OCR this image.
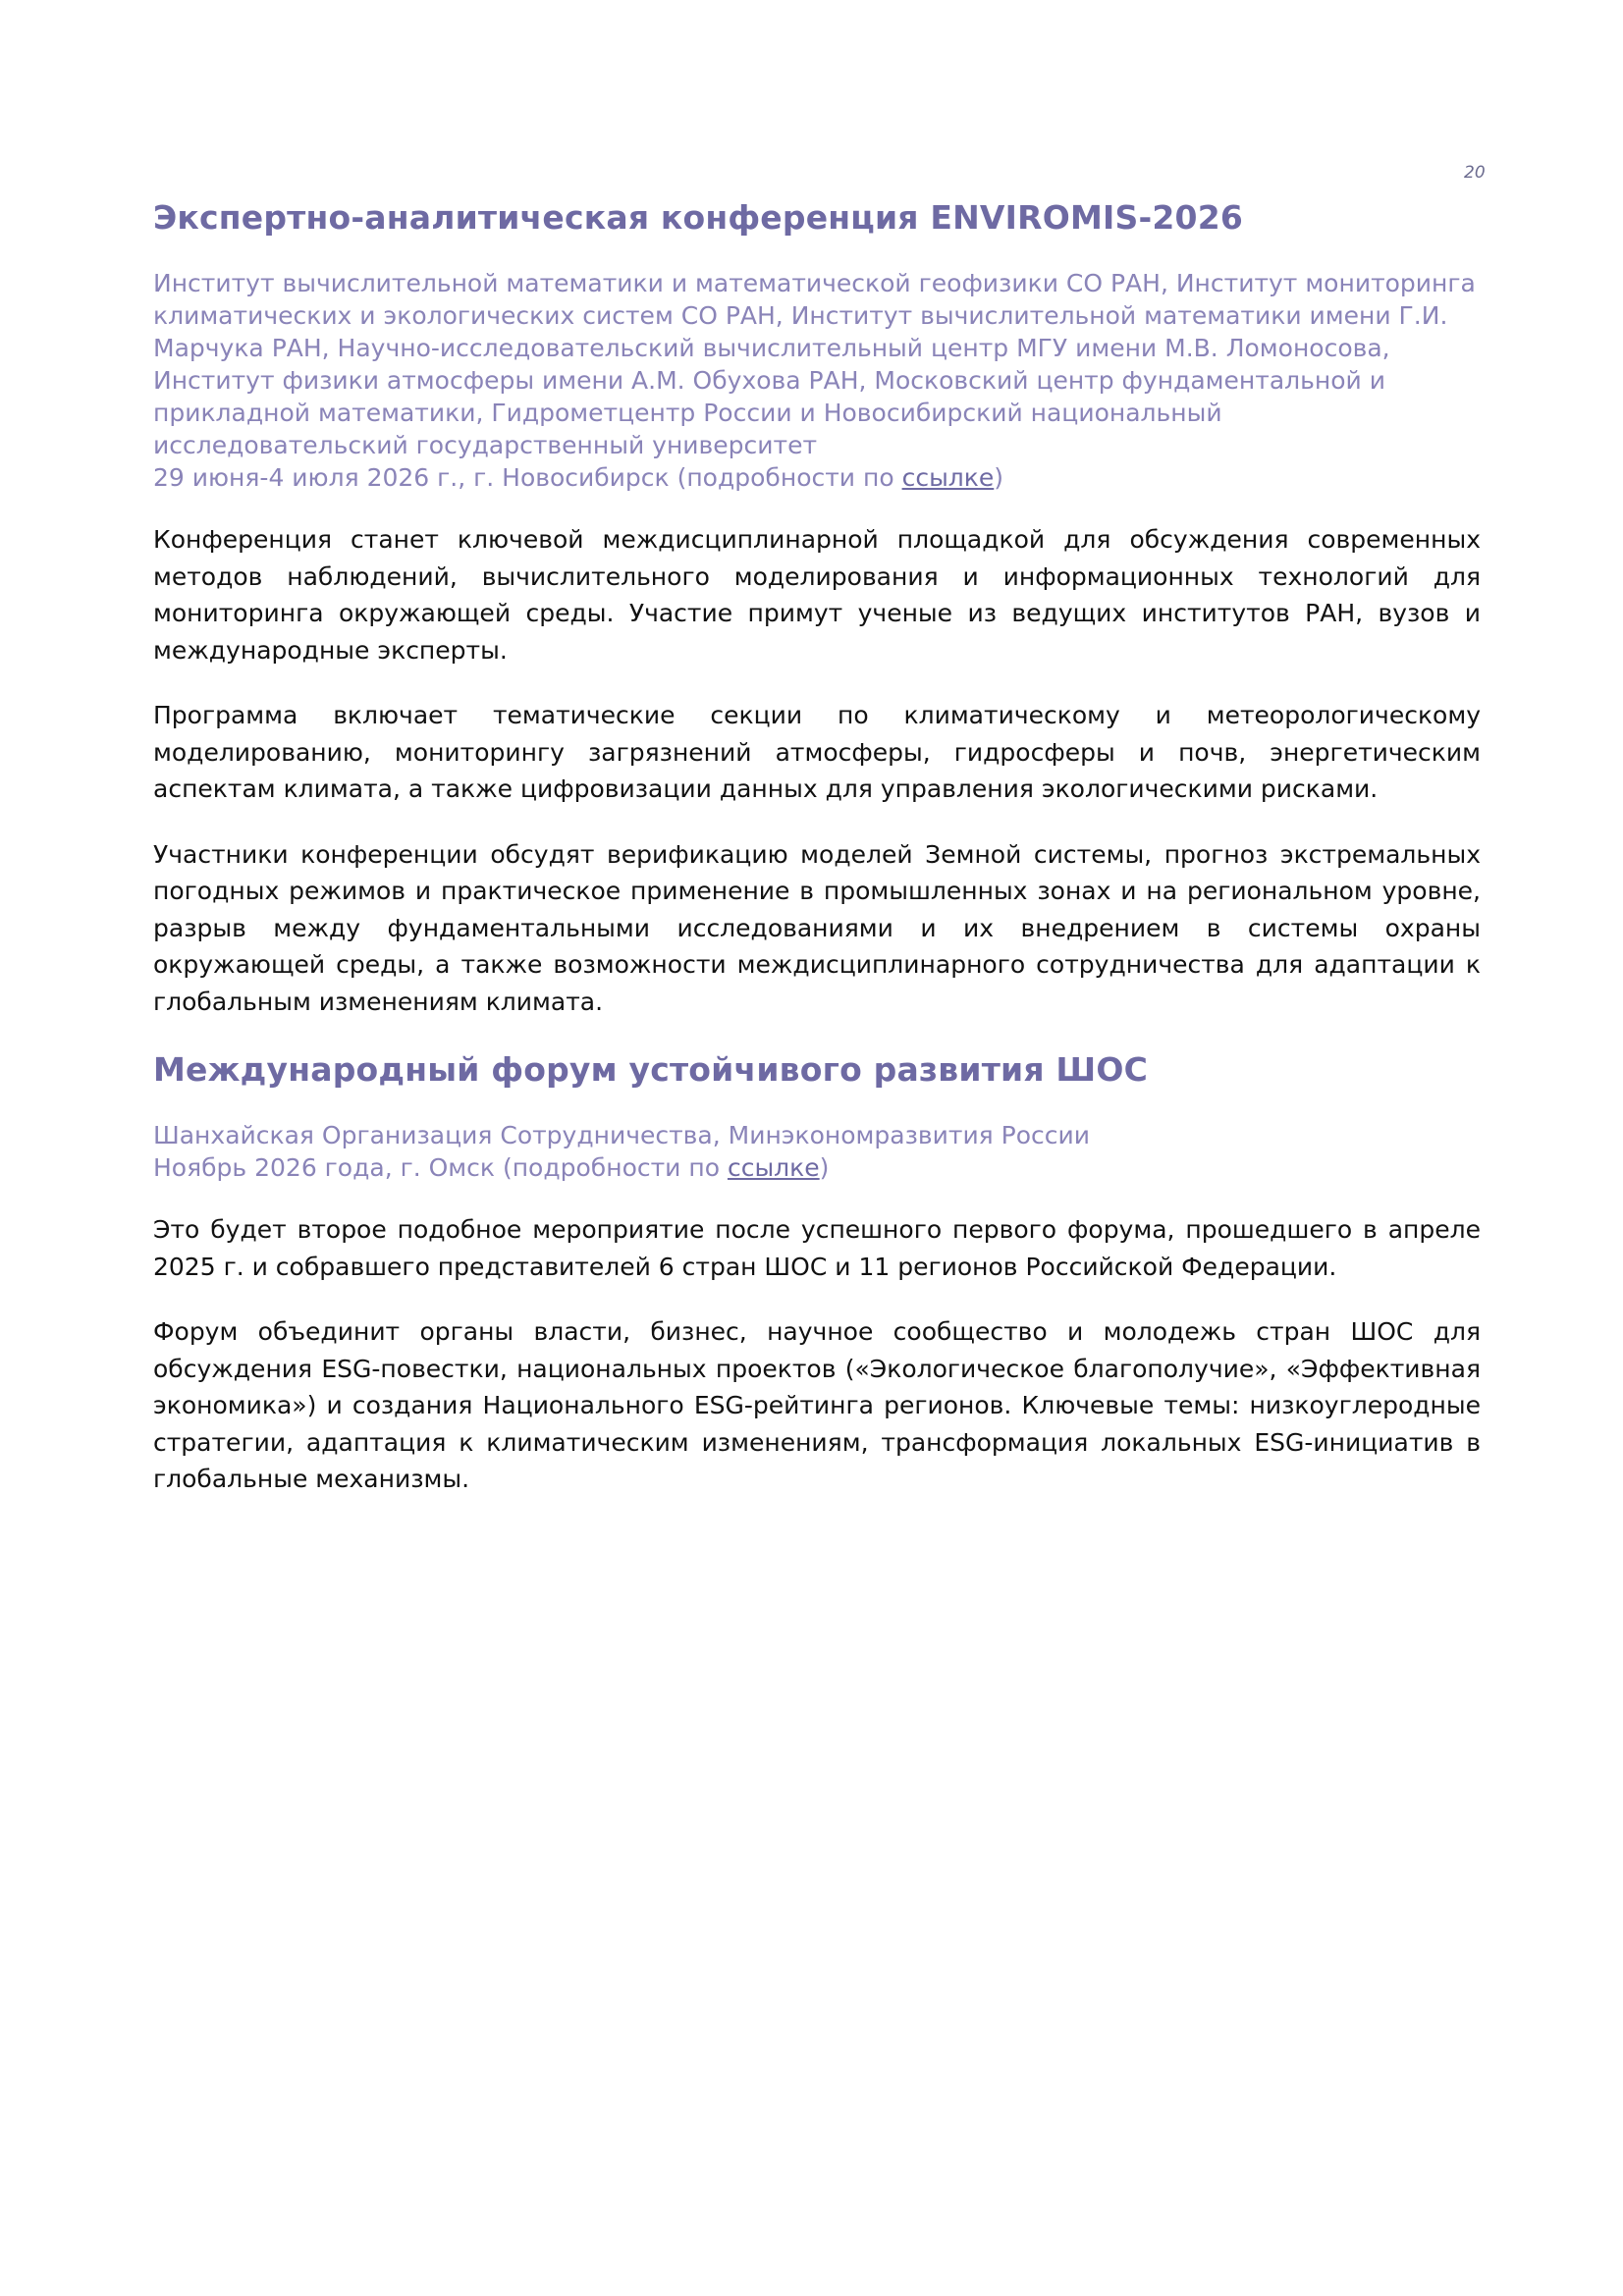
20
Экспертно-аналитическая конференция ENVIROMIS-2026

Институт вычислительной математики и математической геофизики СО РАН, Институт мониторинга климатических и экологических систем СО РАН, Институт вычислительной математики имени Г.И. Марчука РАН, Научно-исследовательский вычислительный центр МГУ имени М.В. Ломоносова, Институт физики атмосферы имени А.М. Обухова РАН, Московский центр фундаментальной и прикладной математики, Гидрометцентр России и Новосибирский национальный исследовательский государственный университет

29 июня-4 июля 2026 г., г. Новосибирск (подробности по ссылке)

Конференция станет ключевой междисциплинарной площадкой для обсуждения современных методов наблюдений, вычислительного моделирования и информационных технологий для мониторинга окружающей среды. Участие примут ученые из ведущих институтов РАН, вузов и международные эксперты.

Программа включает тематические секции по климатическому и метеорологическому моделированию, мониторингу загрязнений атмосферы, гидросферы и почв, энергетическим аспектам климата, а также цифровизации данных для управления экологическими рисками.

Участники конференции обсудят верификацию моделей Земной системы, прогноз экстремальных погодных режимов и практическое применение в промышленных зонах и на региональном уровне, разрыв между фундаментальными исследованиями и их внедрением в системы охраны окружающей среды, а также возможности междисциплинарного сотрудничества для адаптации к глобальным изменениям климата.

Международный форум устойчивого развития ШОС

Шанхайская Организация Сотрудничества, Минэкономразвития России

Ноябрь 2026 года, г. Омск (подробности по ссылке)

Это будет второе подобное мероприятие после успешного первого форума, прошедшего в апреле 2025 г. и собравшего представителей 6 стран ШОС и 11 регионов Российской Федерации.

Форум объединит органы власти, бизнес, научное сообщество и молодежь стран ШОС для обсуждения ESG-повестки, национальных проектов («Экологическое благополучие», «Эффективная экономика») и создания Национального ESG-рейтинга регионов. Ключевые темы: низкоуглеродные стратегии, адаптация к климатическим изменениям, трансформация локальных ESG-инициатив в глобальные механизмы.
